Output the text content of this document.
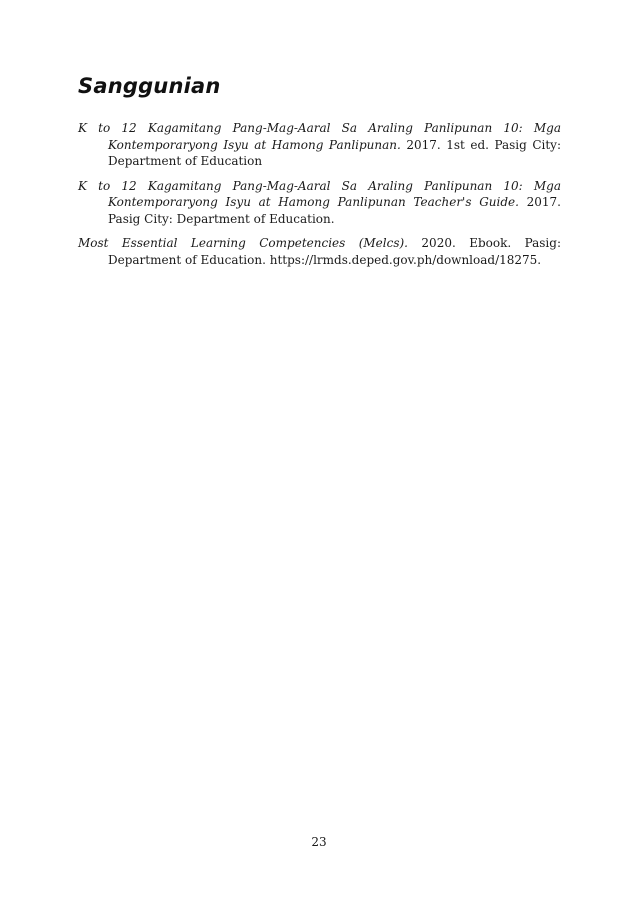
Sanggunian
K to 12 Kagamitang Pang-Mag-Aaral Sa Araling Panlipunan 10: Mga Kontemporaryong Isyu at Hamong Panlipunan. 2017. 1st ed. Pasig City: Department of Education
K to 12 Kagamitang Pang-Mag-Aaral Sa Araling Panlipunan 10: Mga Kontemporaryong Isyu at Hamong Panlipunan Teacher's Guide. 2017. Pasig City: Department of Education.
Most Essential Learning Competencies (Melcs). 2020. Ebook. Pasig: Department of Education. https://lrmds.deped.gov.ph/download/18275.
23
